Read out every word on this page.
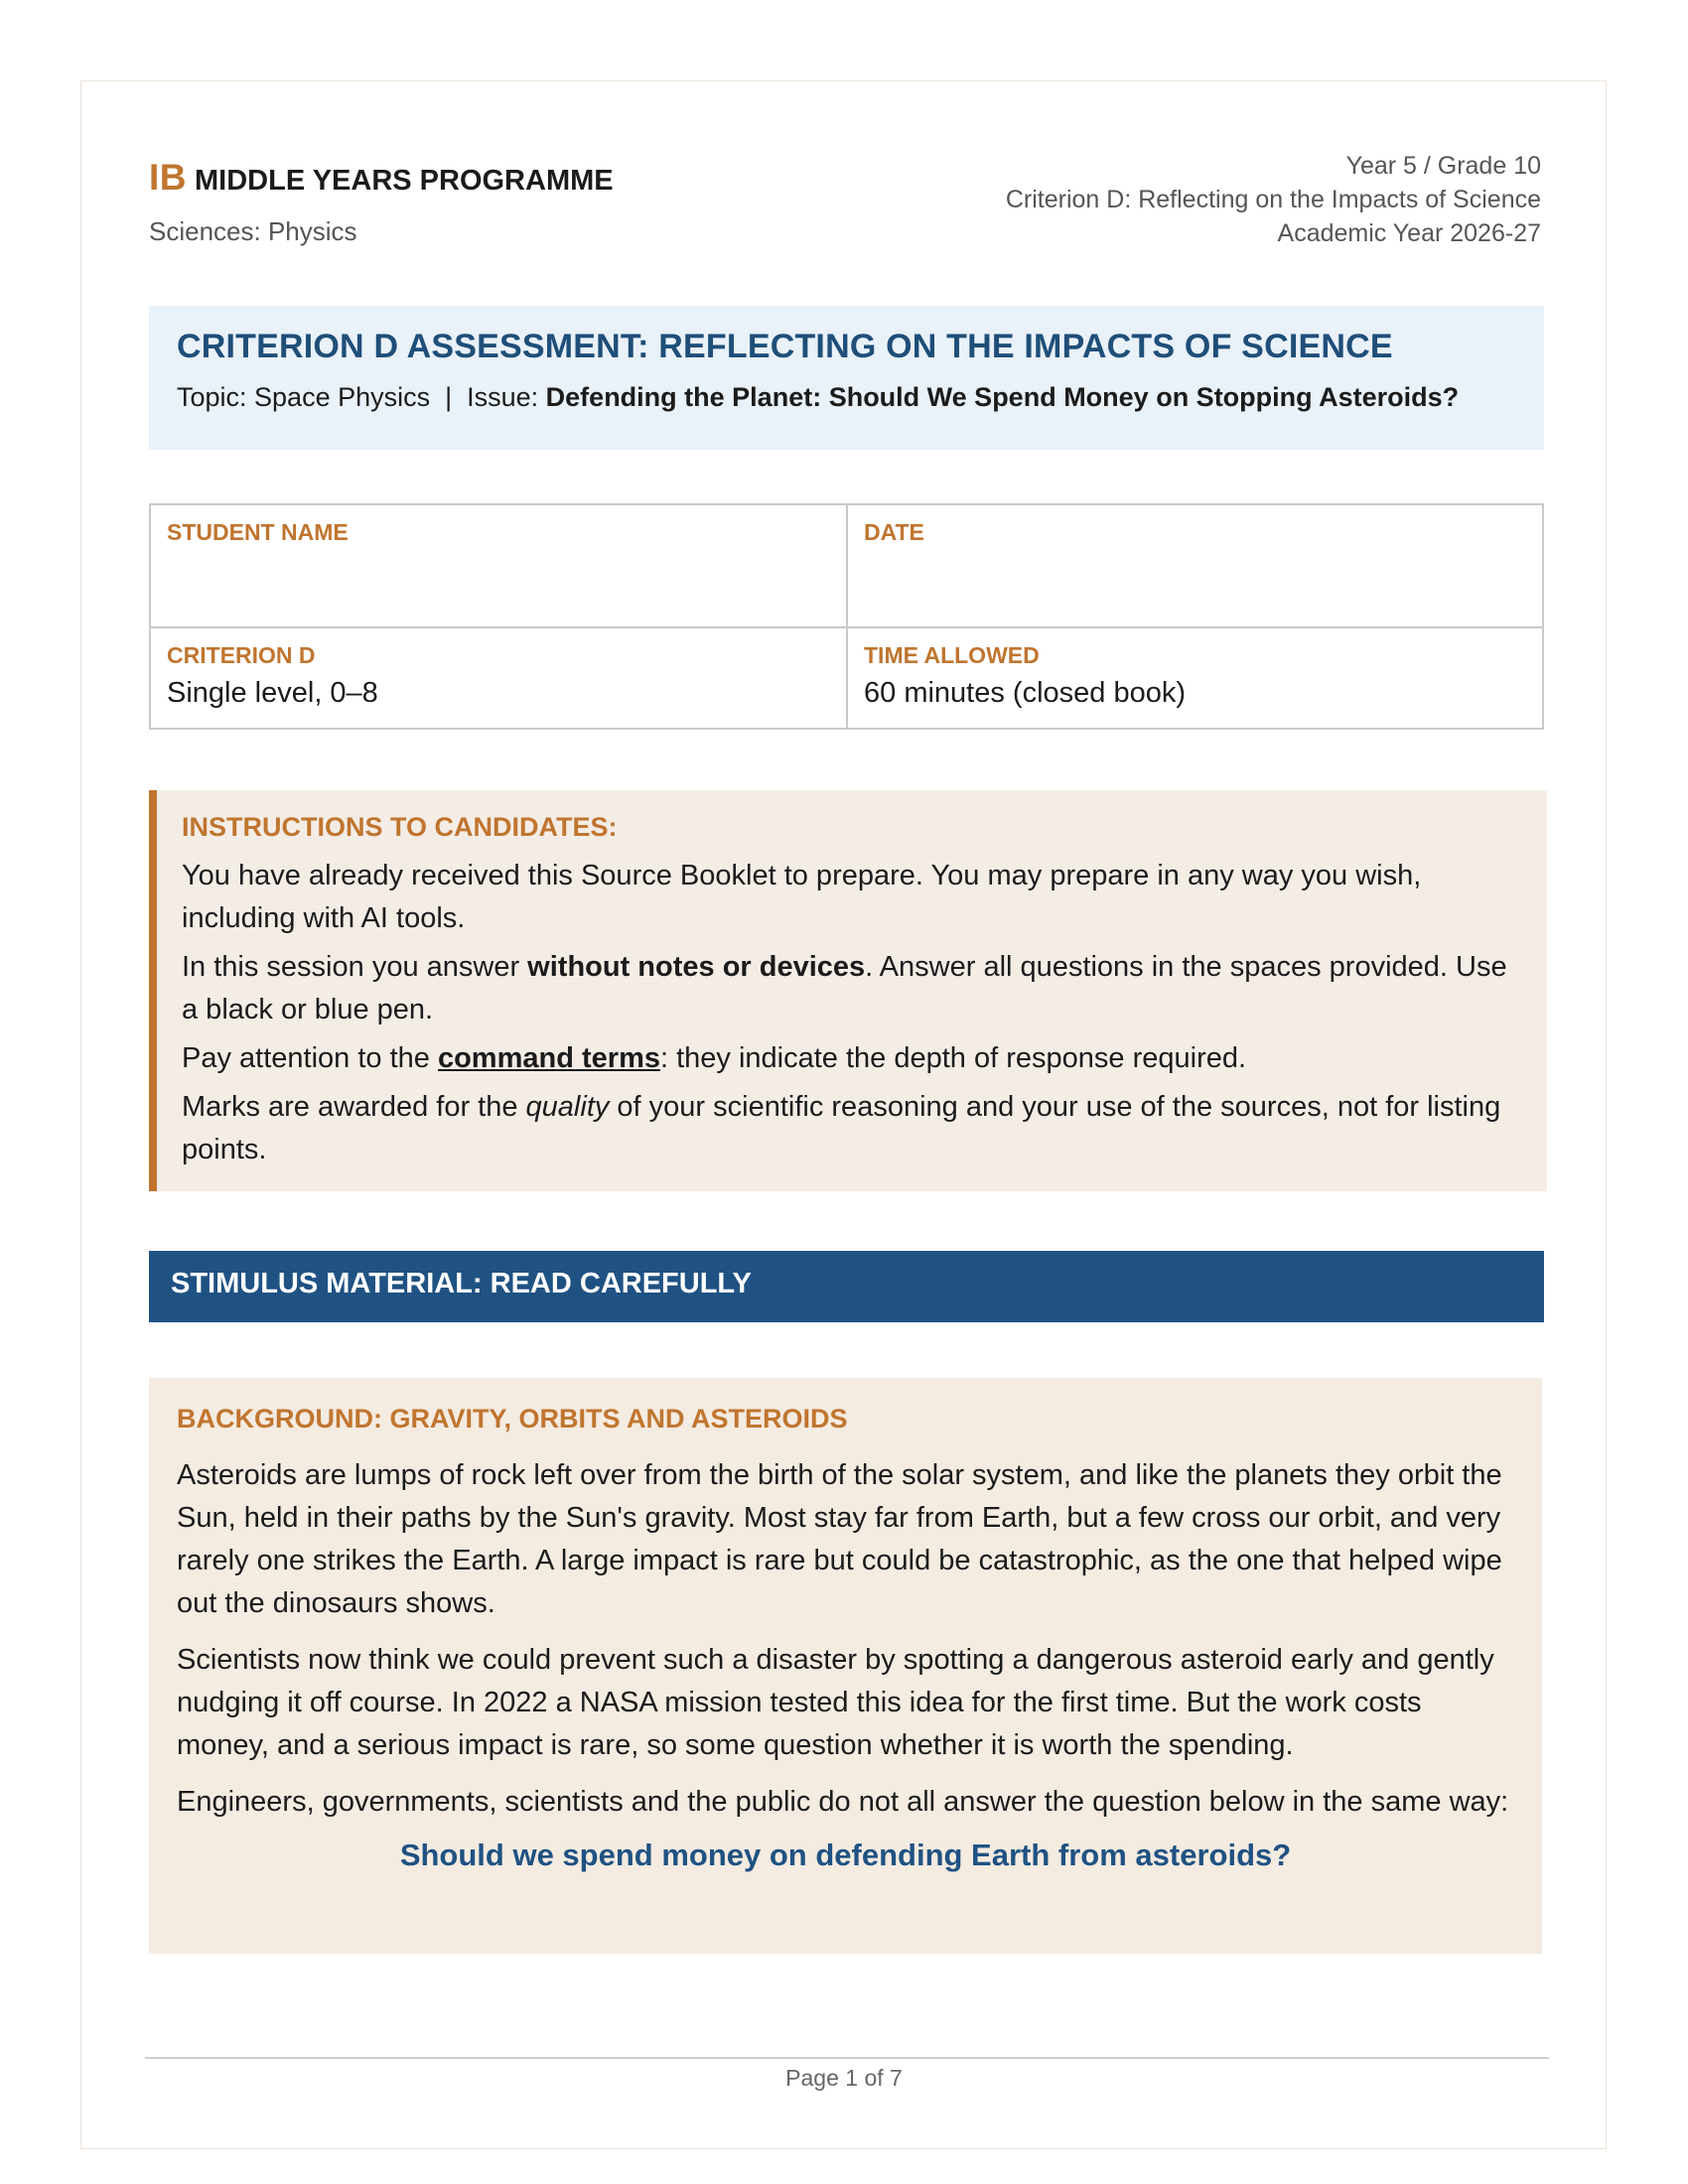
IB MIDDLE YEARS PROGRAMME
Sciences: Physics
Year 5 / Grade 10
Criterion D: Reflecting on the Impacts of Science
Academic Year 2026-27
CRITERION D ASSESSMENT: REFLECTING ON THE IMPACTS OF SCIENCE
Topic: Space Physics  |  Issue: Defending the Planet: Should We Spend Money on Stopping Asteroids?
STUDENT NAME	DATE
CRITERION D
Single level, 0–8
TIME ALLOWED
60 minutes (closed book)
INSTRUCTIONS TO CANDIDATES:

You have already received this Source Booklet to prepare. You may prepare in any way you wish, including with AI tools.

In this session you answer without notes or devices. Answer all questions in the spaces provided. Use a black or blue pen.

Pay attention to the command terms: they indicate the depth of response required.

Marks are awarded for the quality of your scientific reasoning and your use of the sources, not for listing points.

STIMULUS MATERIAL: READ CAREFULLY
BACKGROUND: GRAVITY, ORBITS AND ASTEROIDS

Asteroids are lumps of rock left over from the birth of the solar system, and like the planets they orbit the Sun, held in their paths by the Sun's gravity. Most stay far from Earth, but a few cross our orbit, and very rarely one strikes the Earth. A large impact is rare but could be catastrophic, as the one that helped wipe out the dinosaurs shows.

Scientists now think we could prevent such a disaster by spotting a dangerous asteroid early and gently nudging it off course. In 2022 a NASA mission tested this idea for the first time. But the work costs money, and a serious impact is rare, so some question whether it is worth the spending.

Engineers, governments, scientists and the public do not all answer the question below in the same way:

Should we spend money on defending Earth from asteroids?
Page 1 of 7
